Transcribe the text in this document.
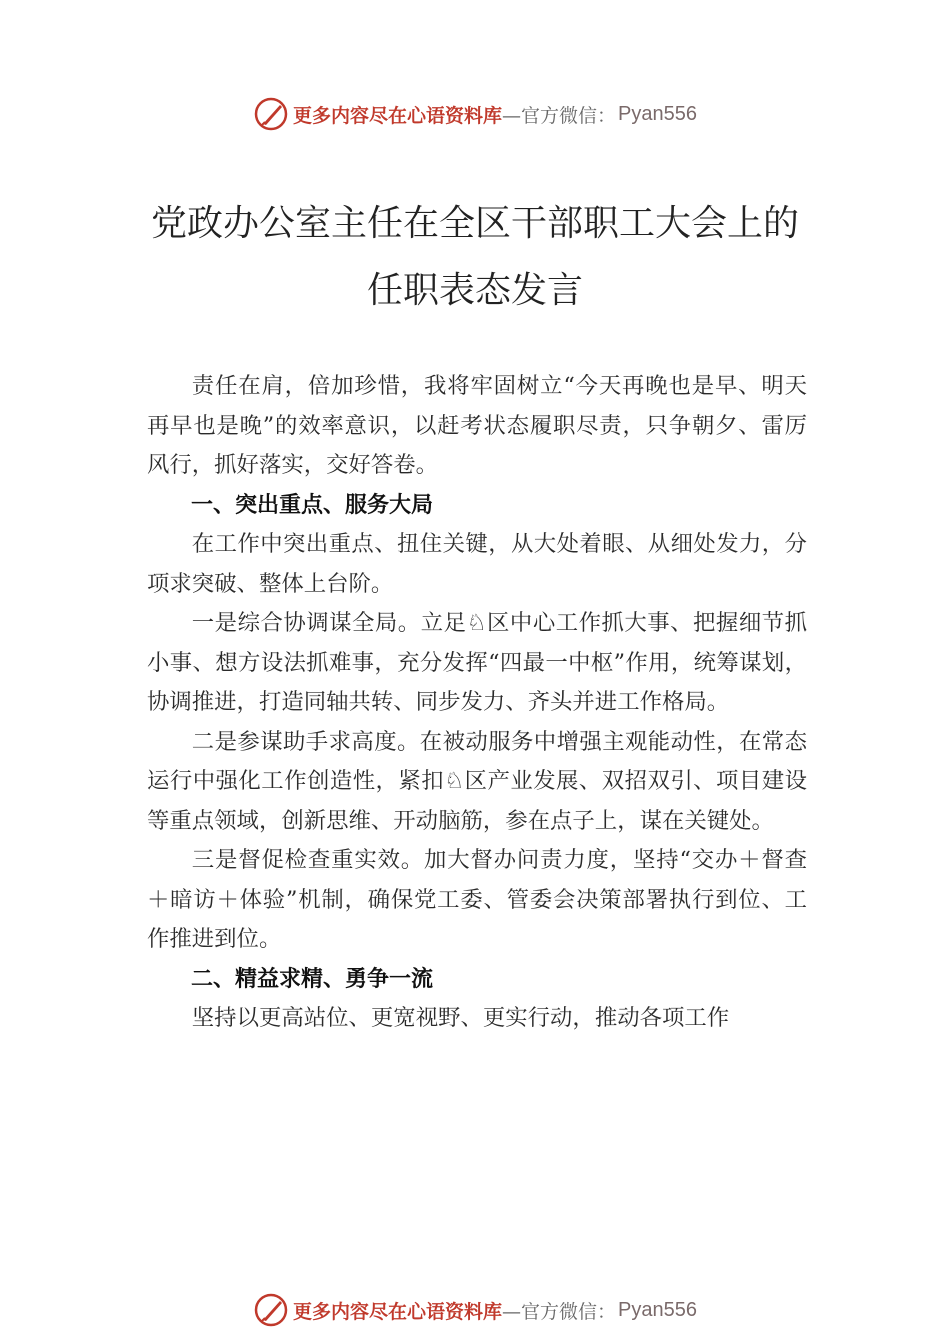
更多内容尽在心语资料库 —官方微信： Pyan556
党政办公室主任在全区干部职工大会上的
任职表态发言

责任在肩，倍加珍惜，我将牢固树立“今天再晚也是早、明天再早也是晚”的效率意识，以赶考状态履职尽责，只争朝夕、雷厉风行，抓好落实，交好答卷。

一、突出重点、服务大局

在工作中突出重点、扭住关键，从大处着眼、从细处发力，分项求突破、整体上台阶。

一是综合协调谋全局。立足♘区中心工作抓大事、把握细节抓小事、想方设法抓难事，充分发挥“四最一中枢”作用，统筹谋划，协调推进，打造同轴共转、同步发力、齐头并进工作格局。

二是参谋助手求高度。在被动服务中增强主观能动性，在常态运行中强化工作创造性，紧扣♘区产业发展、双招双引、项目建设等重点领域，创新思维、开动脑筋，参在点子上，谋在关键处。

三是督促检查重实效。加大督办问责力度，坚持“交办＋督查＋暗访＋体验”机制，确保党工委、管委会决策部署执行到位、工作推进到位。

二、精益求精、勇争一流

坚持以更高站位、更宽视野、更实行动，推动各项工作

更多内容尽在心语资料库 —官方微信： Pyan556
